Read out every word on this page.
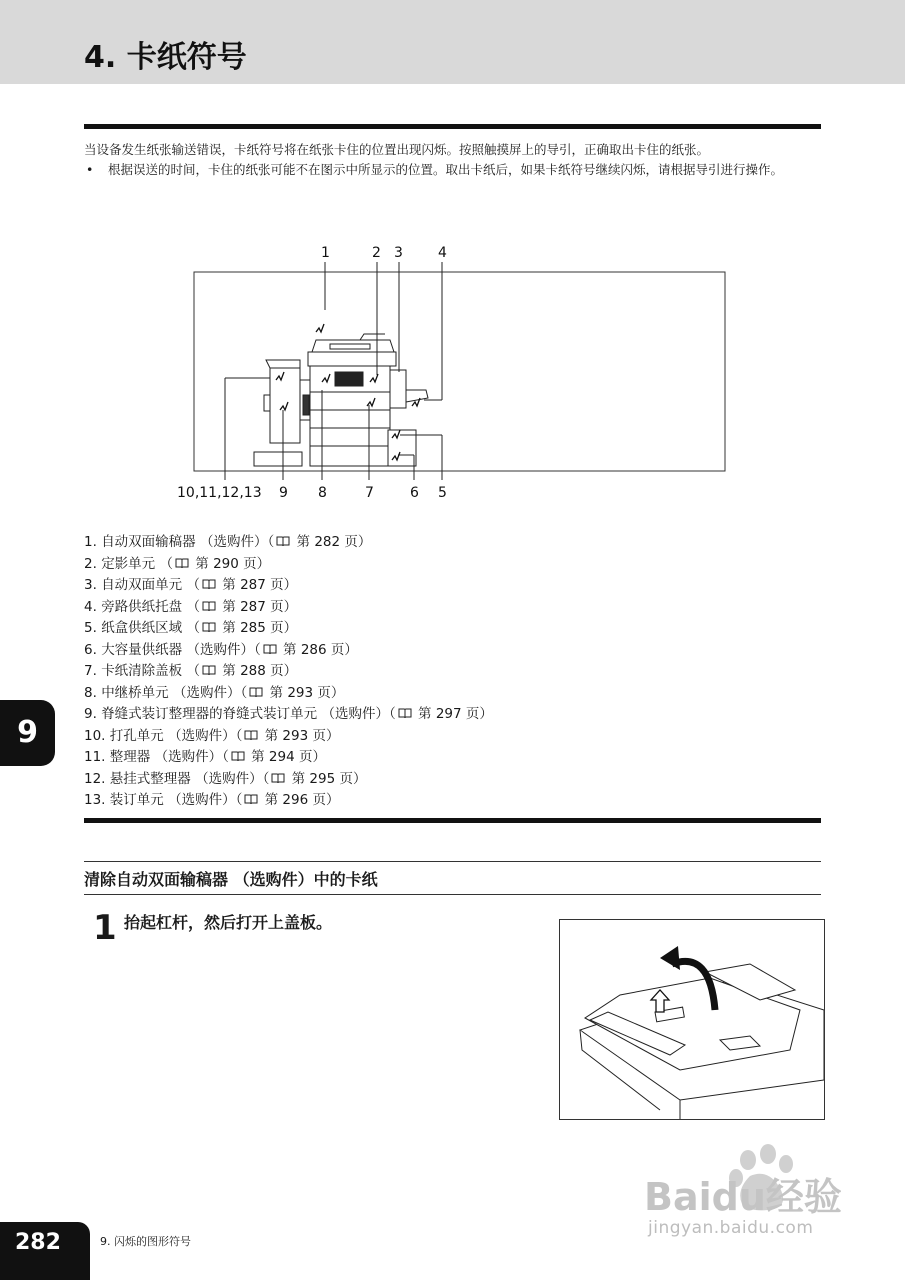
4. 卡纸符号

当设备发生纸张输送错误，卡纸符号将在纸张卡住的位置出现闪烁。按照触摸屏上的导引，正确取出卡住的纸张。

• 根据误送的时间，卡住的纸张可能不在图示中所显示的位置。取出卡纸后，如果卡纸符号继续闪烁，请根据导引进行操作。

1	2 3	4
10,11,12,13 9 8	7	6 5
1. 自动双面输稿器 （选购件）（ 第 282 页）
2. 定影单元 （ 第 290 页）
3. 自动双面单元 （ 第 287 页）
4. 旁路供纸托盘 （ 第 287 页）
5. 纸盒供纸区域 （ 第 285 页）
6. 大容量供纸器 （选购件）（ 第 286 页）
7. 卡纸清除盖板 （ 第 288 页）
8. 中继桥单元 （选购件）（ 第 293 页）
9. 脊缝式装订整理器的脊缝式装订单元 （选购件）（ 第 297 页）
10. 打孔单元 （选购件）（ 第 293 页）
11. 整理器 （选购件）（ 第 294 页）
12. 悬挂式整理器 （选购件）（ 第 295 页）
13. 装订单元 （选购件）（ 第 296 页）
清除自动双面输稿器 （选购件）中的卡纸
1 抬起杠杆，然后打开上盖板。
9
282	9. 闪烁的图形符号
Baidu经验
jingyan.baidu.com
